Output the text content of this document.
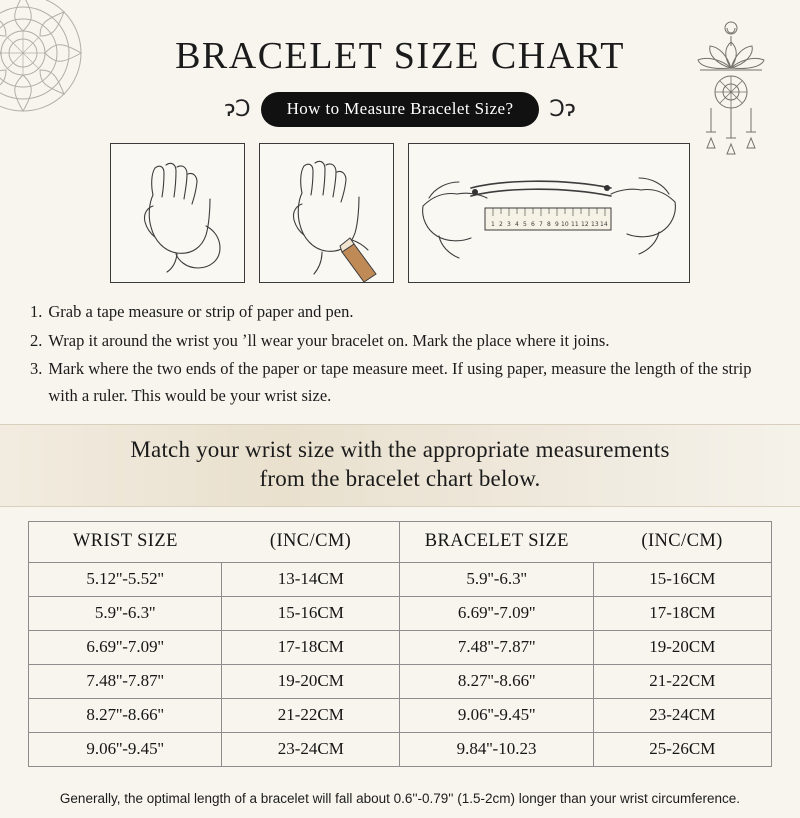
BRACELET SIZE CHART
ɂƆ	How to Measure Bracelet Size?	Ɔɂ
1 2 3 4 5 6 7 8 9 10 11 12 13 14
1. Grab a tape measure or strip of paper and pen.
2. Wrap it around the wrist you ʼll wear your bracelet on. Mark the place where it joins.
3. Mark where the two ends of the paper or tape measure meet. If using paper, measure the length of the strip with a ruler. This would be your wrist size.
Match your wrist size with the appropriate measurements
from the bracelet chart below.
WRIST SIZE	(INC/CM)	BRACELET SIZE	(INC/CM)
5.12''-5.52''	13-14CM	5.9''-6.3''	15-16CM
5.9''-6.3''	15-16CM	6.69''-7.09''	17-18CM
6.69''-7.09''	17-18CM	7.48''-7.87''	19-20CM
7.48''-7.87''	19-20CM	8.27''-8.66''	21-22CM
8.27''-8.66''	21-22CM	9.06''-9.45''	23-24CM
9.06''-9.45''	23-24CM	9.84''-10.23	25-26CM
Generally, the optimal length of a bracelet will fall about 0.6''-0.79'' (1.5-2cm) longer than your wrist circumference.
